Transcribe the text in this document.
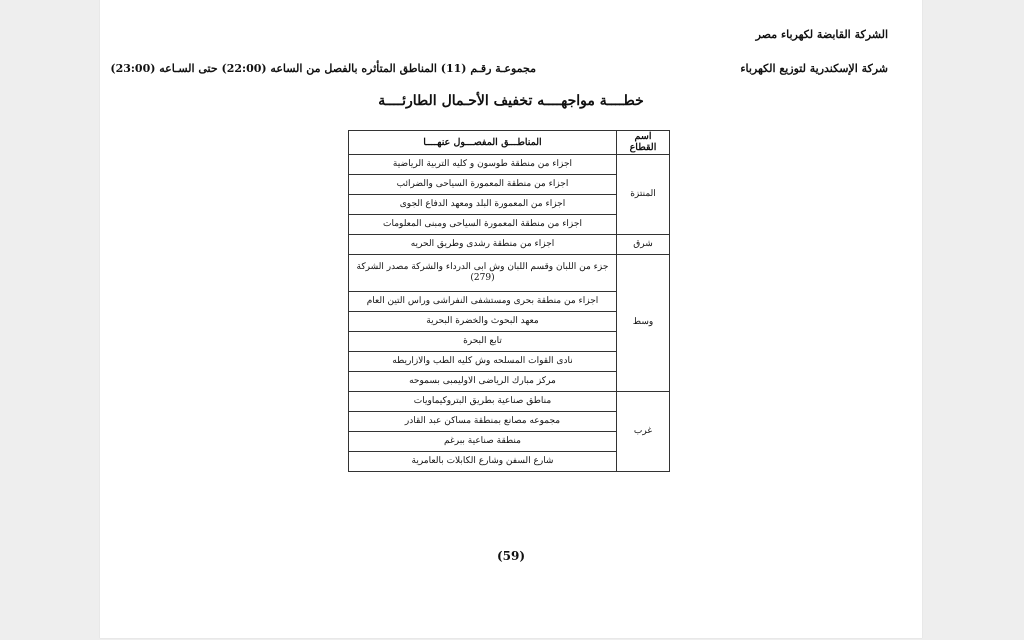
الشركة القابضة لكهرباء مصر
شركة الإسكندرية لتوزيع الكهرباء
مجموعـة رقـم (11) المناطق المتأثره بالفصل من الساعه (22:00) حتى السـاعه (23:00)
خطــــة مواجهــــه تخفيف الأحـمال الطارئــــة
اسم القطاع	المناطـــق المفصـــول عنهــــا
المنتزة	اجزاء من منطقة طوسون و كليه التربية الرياضية
	اجزاء من منطقة المعمورة السياحى والضرائب
	اجزاء من المعمورة البلد ومعهد الدفاع الجوى
	اجزاء من منطقة المعمورة السياحى ومبنى المعلومات
شرق	اجزاء من منطقة رشدى وطريق الحريه
وسط	جزء من اللبان وقسم اللبان وش ابى الدرداء والشركة مصدر الشركة (279)
	اجزاء من منطقة بحرى ومستشفى النفراشى وراس التين العام
	معهد البحوث والخضرة البحرية
	تابع البحرة
	نادى القوات المسلحه وش كليه الطب والازاريطه
	مركز مبارك الرياضى الاوليمبى بسموحه
غرب	مناطق صناعية بطريق البتروكيماويات
	مجموعه مصانع بمنطقة مساكن عبد القادر
	منطقة صناعية ببرغم
	شارع السفن وشارع الكابلات بالعامرية
(59)
